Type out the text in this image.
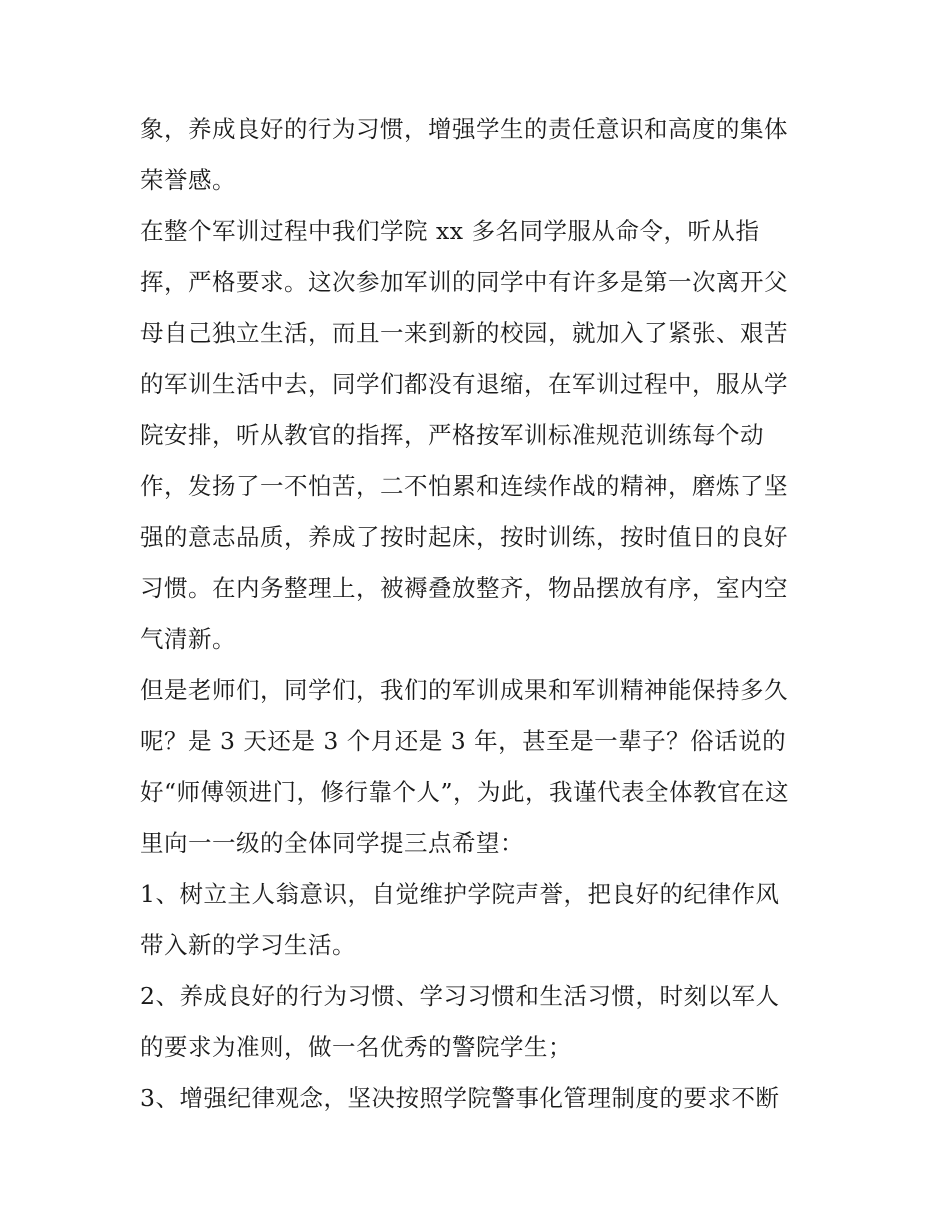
象，养成良好的行为习惯，增强学生的责任意识和高度的集体
荣誉感。
在整个军训过程中我们学院 xx 多名同学服从命令，听从指
挥，严格要求。这次参加军训的同学中有许多是第一次离开父
母自己独立生活，而且一来到新的校园，就加入了紧张、艰苦
的军训生活中去，同学们都没有退缩，在军训过程中，服从学
院安排，听从教官的指挥，严格按军训标准规范训练每个动
作，发扬了一不怕苦，二不怕累和连续作战的精神，磨炼了坚
强的意志品质，养成了按时起床，按时训练，按时值日的良好
习惯。在内务整理上，被褥叠放整齐，物品摆放有序，室内空
气清新。
但是老师们，同学们，我们的军训成果和军训精神能保持多久
呢？是 3 天还是 3 个月还是 3 年，甚至是一辈子？俗话说的
好“师傅领进门，修行靠个人”，为此，我谨代表全体教官在这
里向一一级的全体同学提三点希望：
1、树立主人翁意识，自觉维护学院声誉，把良好的纪律作风
带入新的学习生活。
2、养成良好的行为习惯、学习习惯和生活习惯，时刻以军人
的要求为准则，做一名优秀的警院学生；
3、增强纪律观念，坚决按照学院警事化管理制度的要求不断
